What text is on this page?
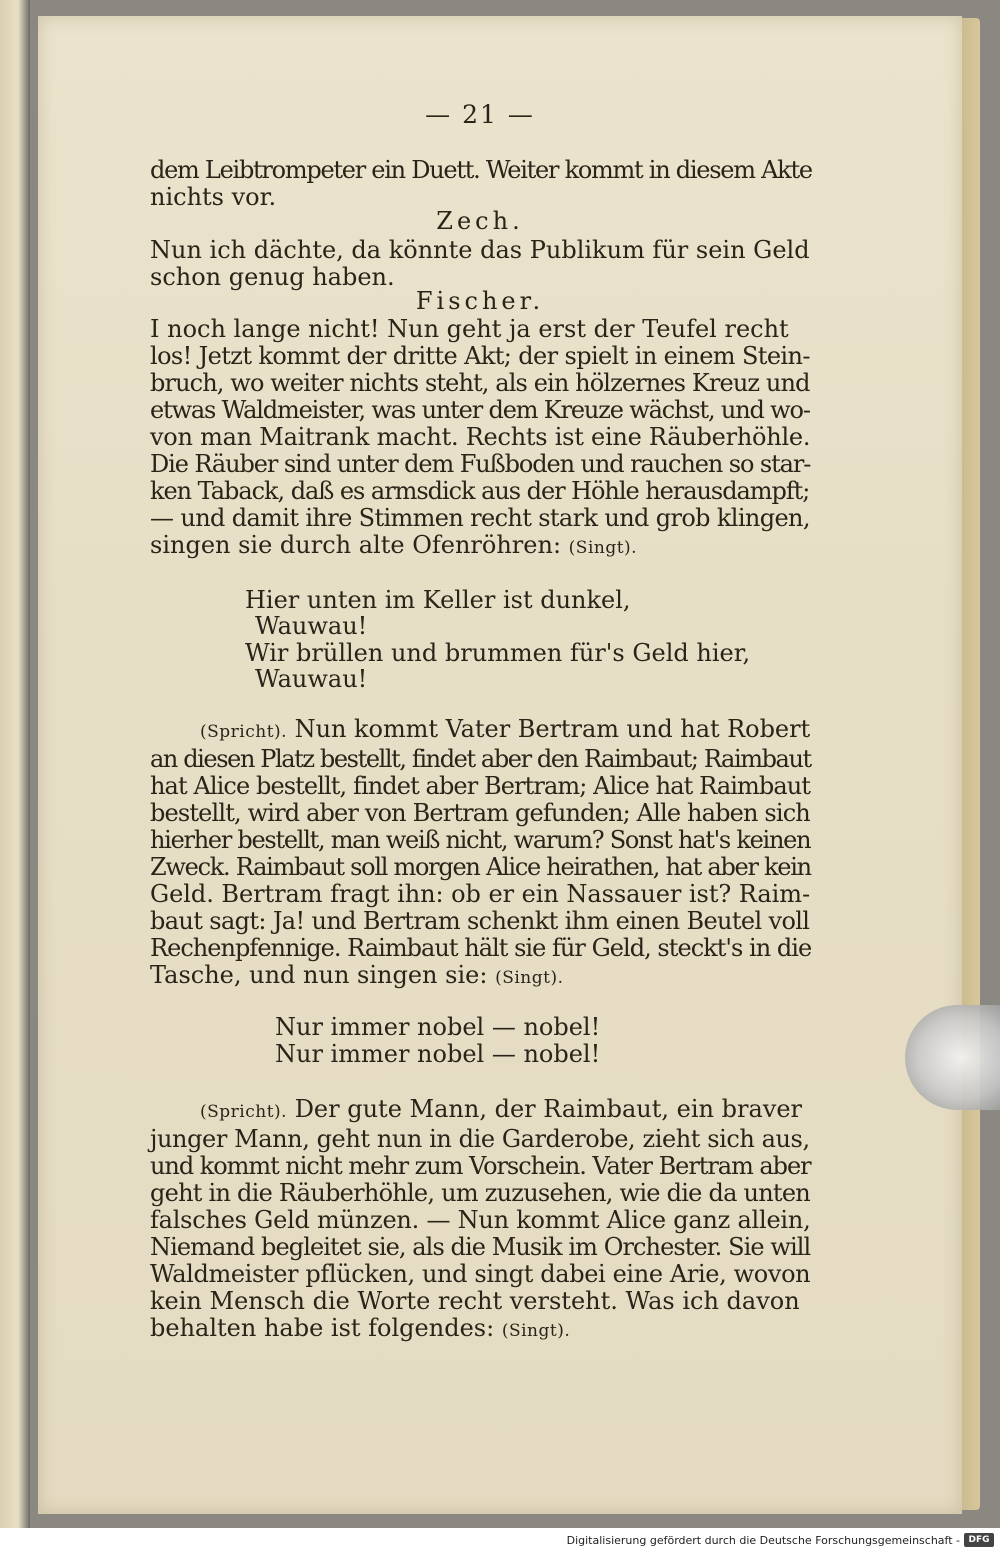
— 21 —
dem Leibtrompeter ein Duett. Weiter kommt in diesem Akte
nichts vor.
Zech.
Nun ich dächte, da könnte das Publikum für sein Geld
schon genug haben.
Fischer.
I noch lange nicht! Nun geht ja erst der Teufel recht
los! Jetzt kommt der dritte Akt; der spielt in einem Stein-
bruch, wo weiter nichts steht, als ein hölzernes Kreuz und
etwas Waldmeister, was unter dem Kreuze wächst, und wo-
von man Maitrank macht. Rechts ist eine Räuberhöhle.
Die Räuber sind unter dem Fußboden und rauchen so star-
ken Taback, daß es armsdick aus der Höhle herausdampft;
— und damit ihre Stimmen recht stark und grob klingen,
singen sie durch alte Ofenröhren: (Singt).
Hier unten im Keller ist dunkel,
Wauwau!
Wir brüllen und brummen für's Geld hier,
Wauwau!
(Spricht). Nun kommt Vater Bertram und hat Robert
an diesen Platz bestellt, findet aber den Raimbaut; Raimbaut
hat Alice bestellt, findet aber Bertram; Alice hat Raimbaut
bestellt, wird aber von Bertram gefunden; Alle haben sich
hierher bestellt, man weiß nicht, warum? Sonst hat's keinen
Zweck. Raimbaut soll morgen Alice heirathen, hat aber kein
Geld. Bertram fragt ihn: ob er ein Nassauer ist? Raim-
baut sagt: Ja! und Bertram schenkt ihm einen Beutel voll
Rechenpfennige. Raimbaut hält sie für Geld, steckt's in die
Tasche, und nun singen sie: (Singt).
Nur immer nobel — nobel!
Nur immer nobel — nobel!
(Spricht). Der gute Mann, der Raimbaut, ein braver
junger Mann, geht nun in die Garderobe, zieht sich aus,
und kommt nicht mehr zum Vorschein. Vater Bertram aber
geht in die Räuberhöhle, um zuzusehen, wie die da unten
falsches Geld münzen. — Nun kommt Alice ganz allein,
Niemand begleitet sie, als die Musik im Orchester. Sie will
Waldmeister pflücken, und singt dabei eine Arie, wovon
kein Mensch die Worte recht versteht. Was ich davon
behalten habe ist folgendes: (Singt).
Digitalisierung gefördert durch die Deutsche Forschungsgemeinschaft - DFG
